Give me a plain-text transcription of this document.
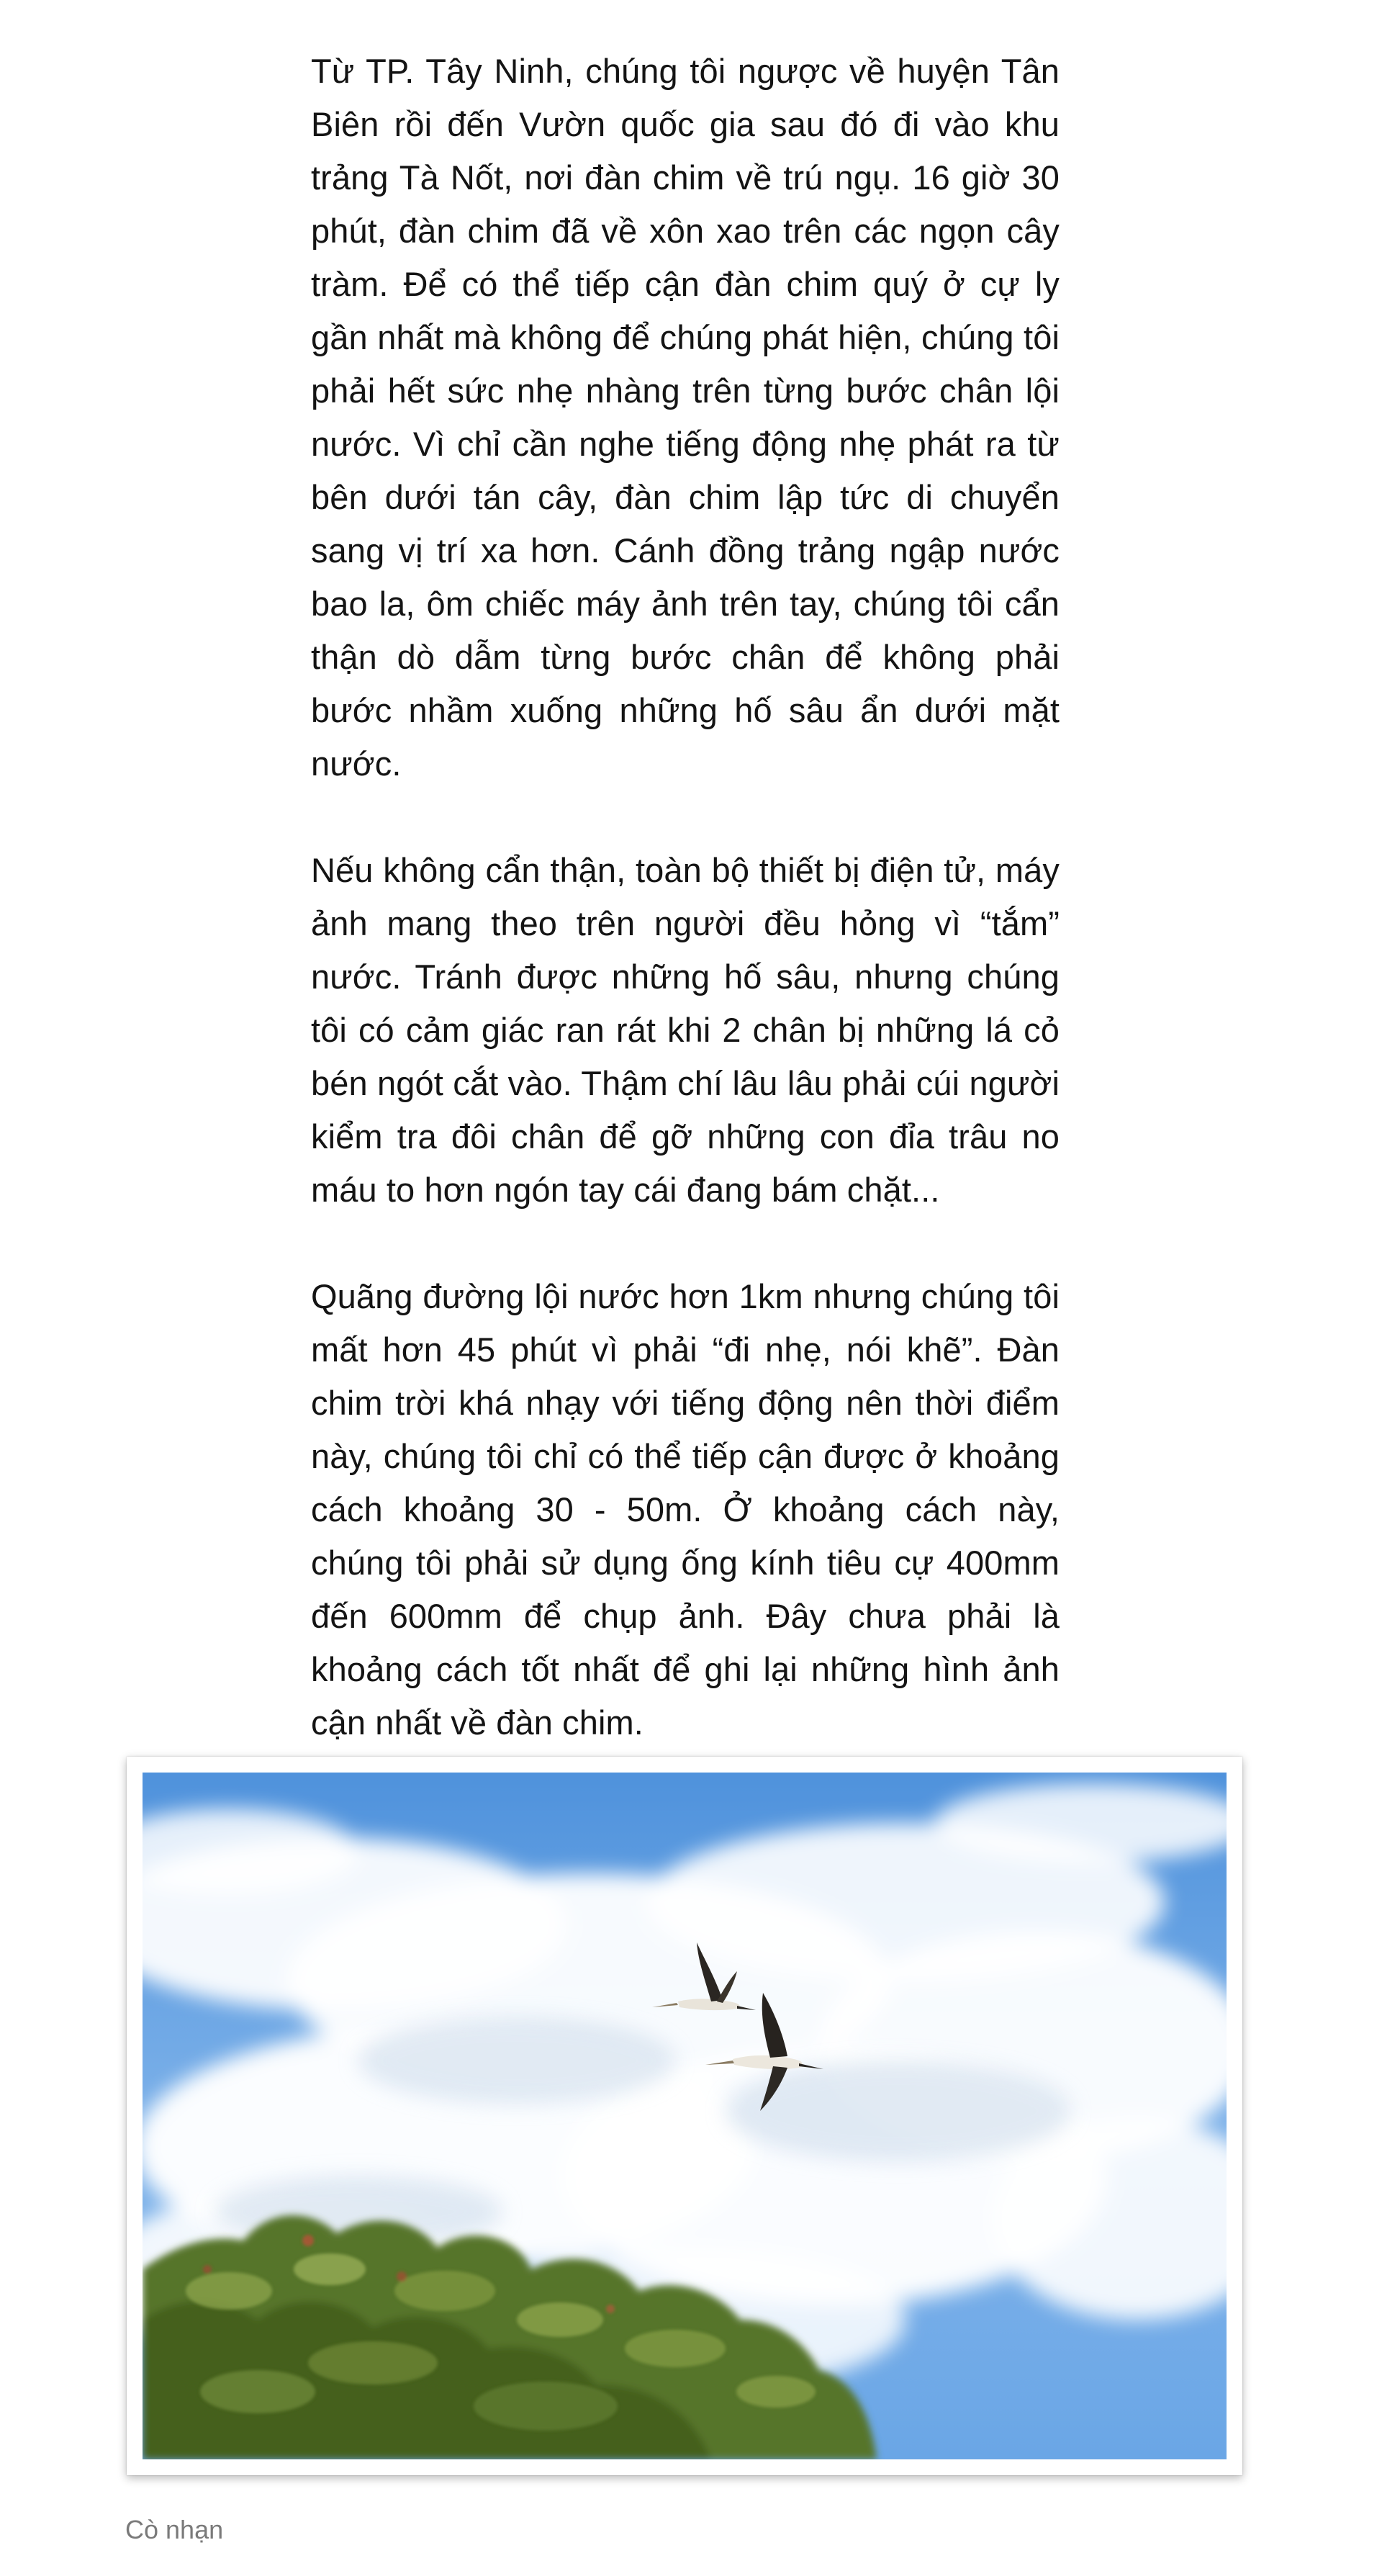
Từ TP. Tây Ninh, chúng tôi ngược về huyện Tân Biên rồi đến Vườn quốc gia sau đó đi vào khu trảng Tà Nốt, nơi đàn chim về trú ngụ. 16 giờ 30 phút, đàn chim đã về xôn xao trên các ngọn cây tràm. Để có thể tiếp cận đàn chim quý ở cự ly gần nhất mà không để chúng phát hiện, chúng tôi phải hết sức nhẹ nhàng trên từng bước chân lội nước. Vì chỉ cần nghe tiếng động nhẹ phát ra từ bên dưới tán cây, đàn chim lập tức di chuyển sang vị trí xa hơn. Cánh đồng trảng ngập nước bao la, ôm chiếc máy ảnh trên tay, chúng tôi cẩn thận dò dẫm từng bước chân để không phải bước nhầm xuống những hố sâu ẩn dưới mặt nước.

Nếu không cẩn thận, toàn bộ thiết bị điện tử, máy ảnh mang theo trên người đều hỏng vì “tắm” nước. Tránh được những hố sâu, nhưng chúng tôi có cảm giác ran rát khi 2 chân bị những lá cỏ bén ngót cắt vào. Thậm chí lâu lâu phải cúi người kiểm tra đôi chân để gỡ những con đỉa trâu no máu to hơn ngón tay cái đang bám chặt...

Quãng đường lội nước hơn 1km nhưng chúng tôi mất hơn 45 phút vì phải “đi nhẹ, nói khẽ”. Đàn chim trời khá nhạy với tiếng động nên thời điểm này, chúng tôi chỉ có thể tiếp cận được ở khoảng cách khoảng 30 - 50m. Ở khoảng cách này, chúng tôi phải sử dụng ống kính tiêu cự 400mm đến 600mm để chụp ảnh. Đây chưa phải là khoảng cách tốt nhất để ghi lại những hình ảnh cận nhất về đàn chim.

Cò nhạn
